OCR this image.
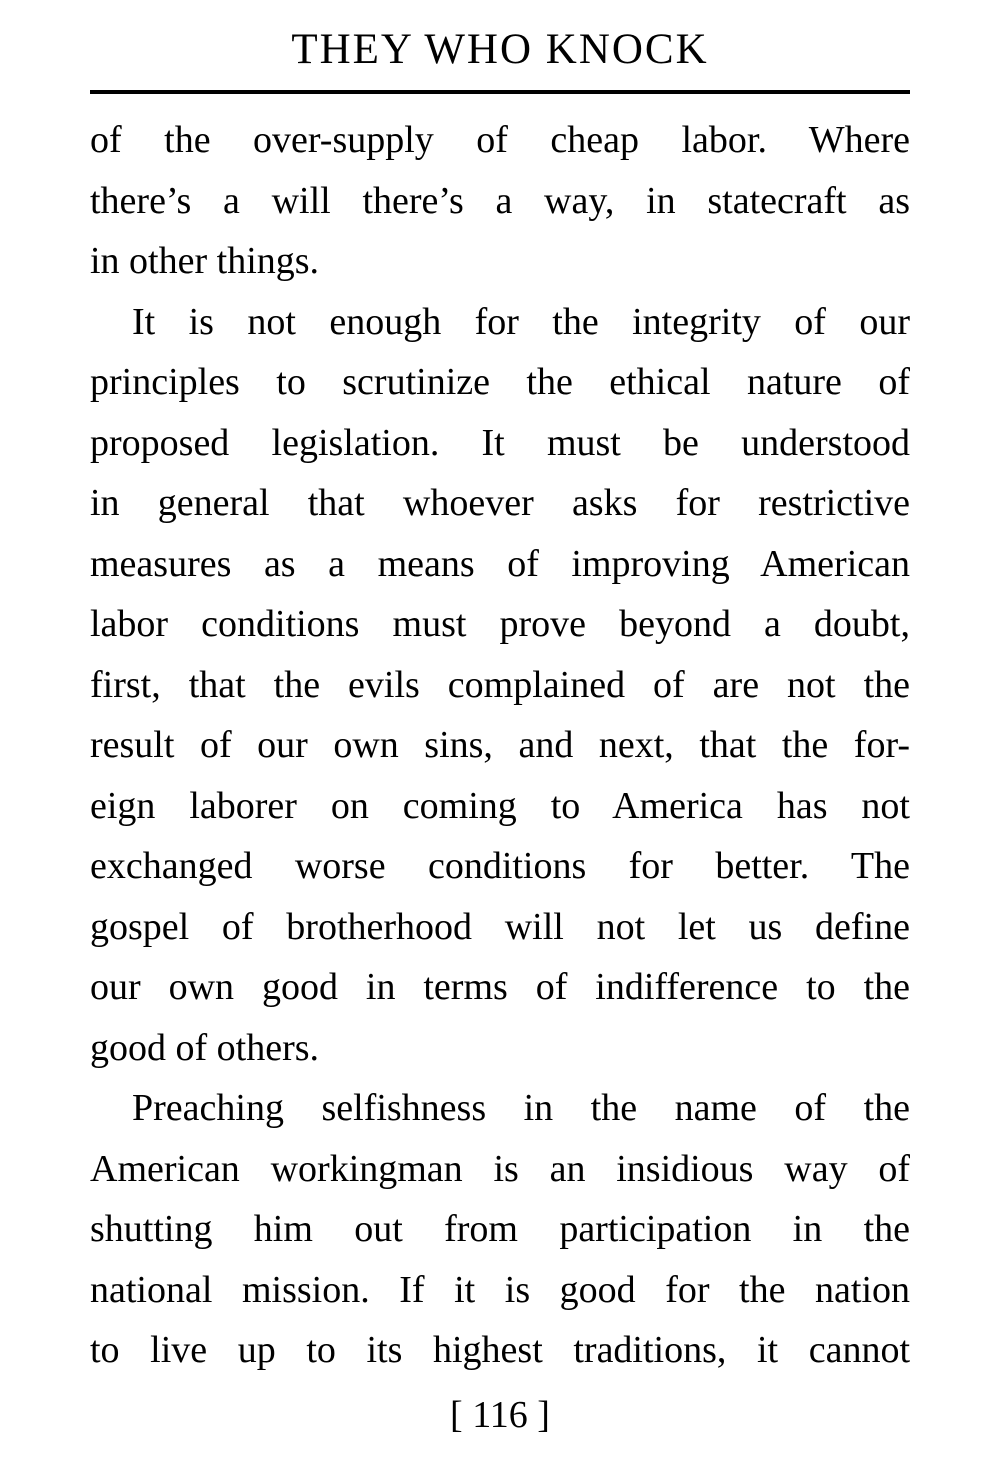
THEY WHO KNOCK
of the over-supply of cheap labor. Where
there’s a will there’s a way, in statecraft as
in other things.
It is not enough for the integrity of our
principles to scrutinize the ethical nature of
proposed legislation. It must be understood
in general that whoever asks for restrictive
measures as a means of improving American
labor conditions must prove beyond a doubt,
first, that the evils complained of are not the
result of our own sins, and next, that the for-
eign laborer on coming to America has not
exchanged worse conditions for better. The
gospel of brotherhood will not let us define
our own good in terms of indifference to the
good of others.
Preaching selfishness in the name of the
American workingman is an insidious way of
shutting him out from participation in the
national mission. If it is good for the nation
to live up to its highest traditions, it cannot
[ 116 ]
